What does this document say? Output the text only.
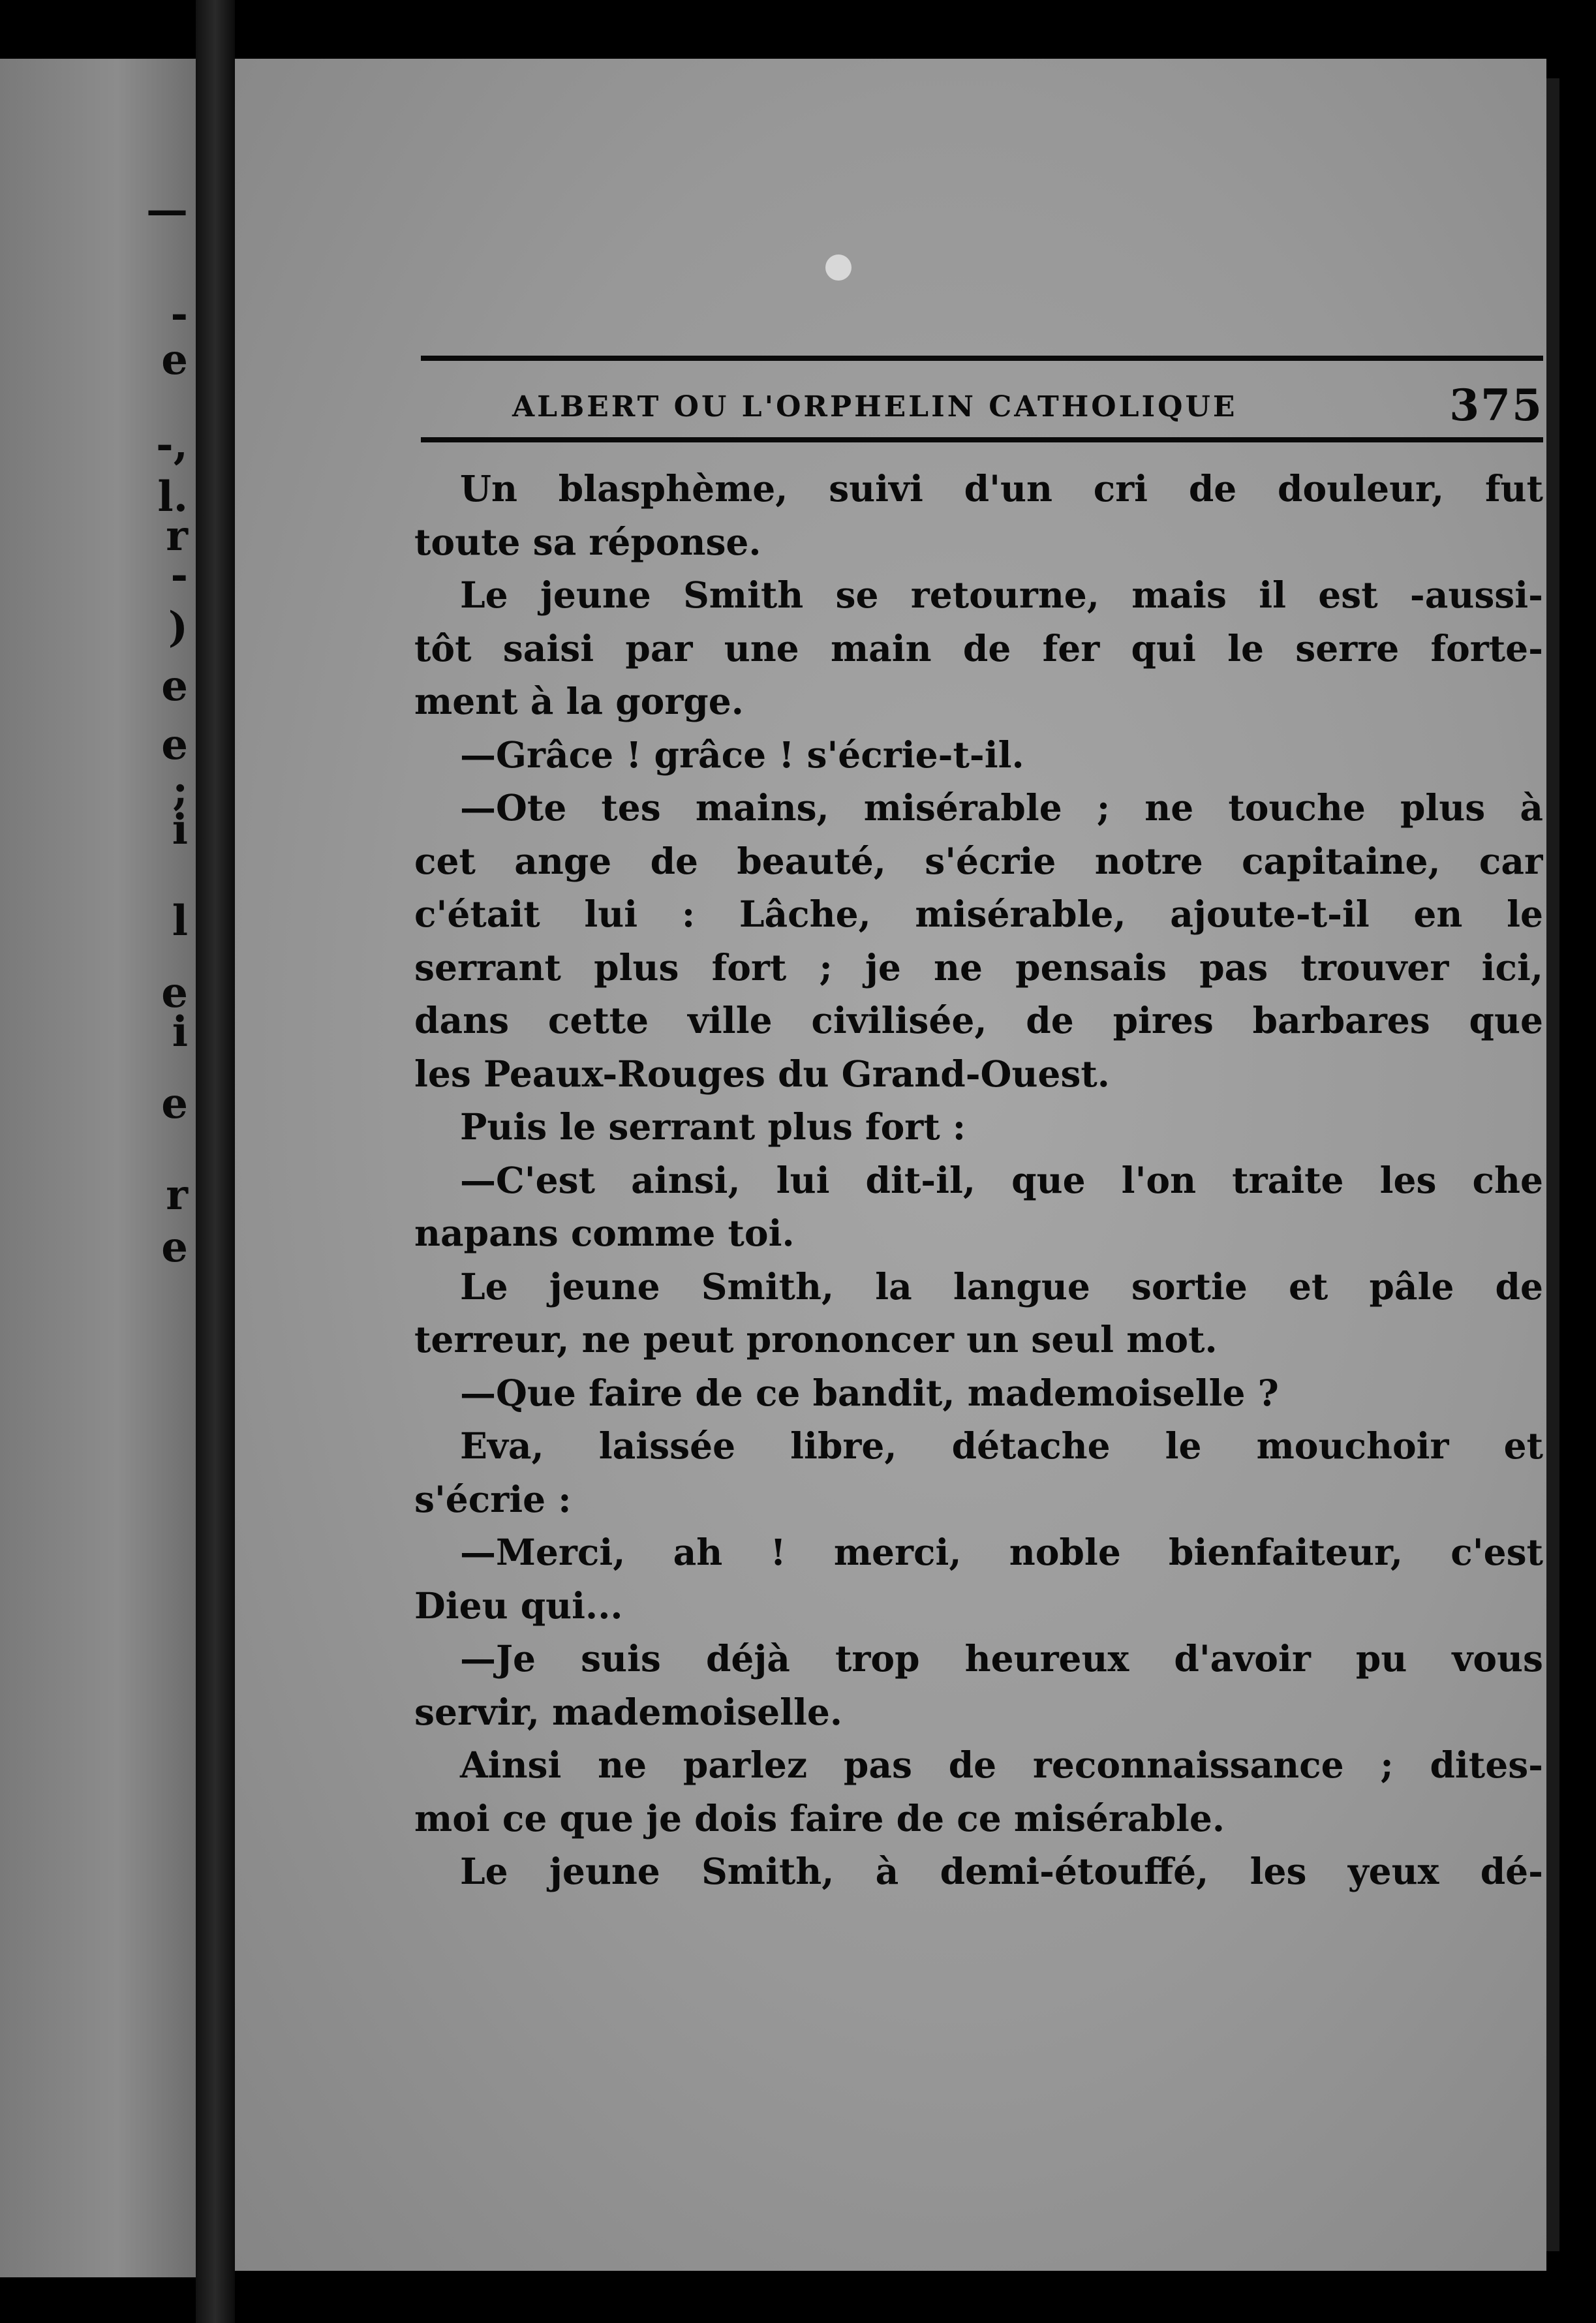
—
-
e
-,
l.
r
-
)
e
e
;
i
l
e
i
e
r
e
ALBERT OU L'ORPHELIN CATHOLIQUE	375
Un blasphème, suivi d'un cri de douleur, fut
toute sa réponse.
Le jeune Smith se retourne, mais il est -aussi-
tôt saisi par une main de fer qui le serre forte-
ment à la gorge.
—Grâce ! grâce ! s'écrie-t-il.
—Ote tes mains, misérable ; ne touche plus à
cet ange de beauté, s'écrie notre capitaine, car
c'était lui : Lâche, misérable, ajoute-t-il en le
serrant plus fort ; je ne pensais pas trouver ici,
dans cette ville civilisée, de pires barbares que
les Peaux-Rouges du Grand-Ouest.
Puis le serrant plus fort :
—C'est ainsi, lui dit-il, que l'on traite les che
napans comme toi.
Le jeune Smith, la langue sortie et pâle de
terreur, ne peut prononcer un seul mot.
—Que faire de ce bandit, mademoiselle ?
Eva, laissée libre, détache le mouchoir et
s'écrie :
—Merci, ah ! merci, noble bienfaiteur, c'est
Dieu qui...
—Je suis déjà trop heureux d'avoir pu vous
servir, mademoiselle.
Ainsi ne parlez pas de reconnaissance ; dites-
moi ce que je dois faire de ce misérable.
Le jeune Smith, à demi-étouffé, les yeux dé-
